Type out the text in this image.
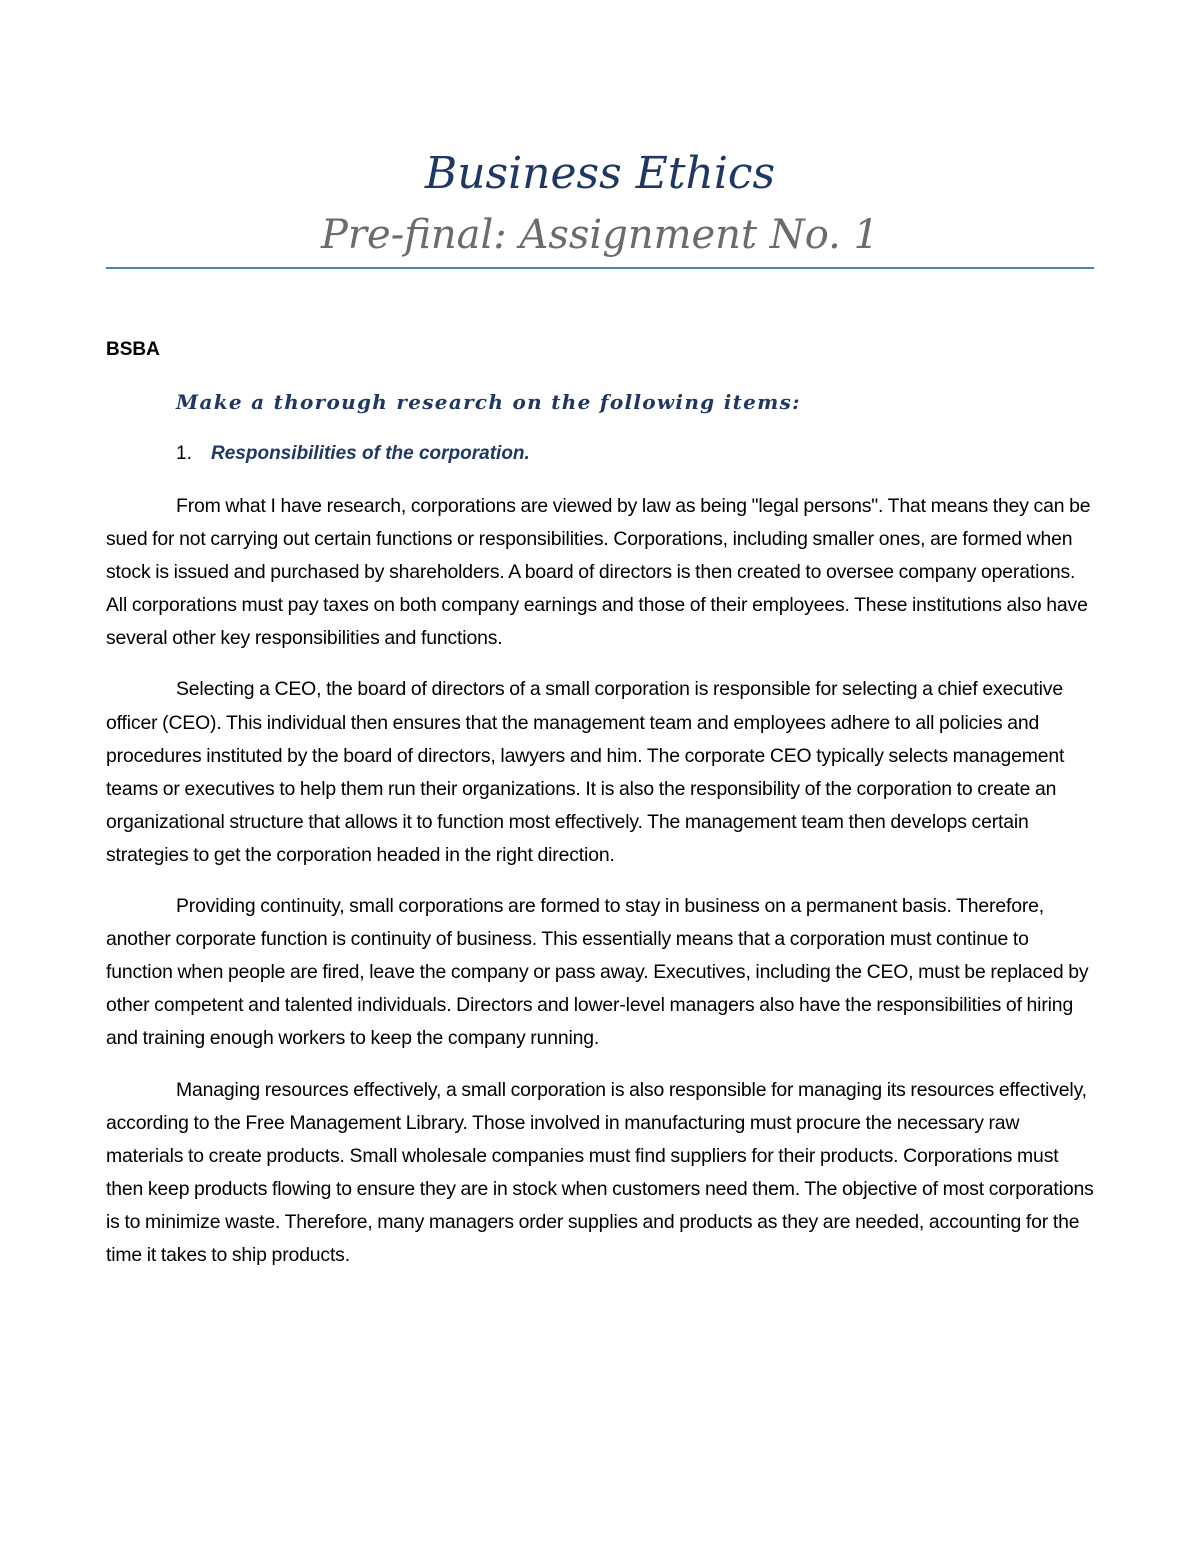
Business Ethics
Pre-final: Assignment No. 1

BSBA

Make a thorough research on the following items:

1.	Responsibilities of the corporation.

From what I have research, corporations are viewed by law as being "legal persons". That means they can be sued for not carrying out certain functions or responsibilities. Corporations, including smaller ones, are formed when stock is issued and purchased by shareholders. A board of directors is then created to oversee company operations. All corporations must pay taxes on both company earnings and those of their employees. These institutions also have several other key responsibilities and functions.

Selecting a CEO, the board of directors of a small corporation is responsible for selecting a chief executive officer (CEO). This individual then ensures that the management team and employees adhere to all policies and procedures instituted by the board of directors, lawyers and him. The corporate CEO typically selects management teams or executives to help them run their organizations. It is also the responsibility of the corporation to create an organizational structure that allows it to function most effectively. The management team then develops certain strategies to get the corporation headed in the right direction.

Providing continuity, small corporations are formed to stay in business on a permanent basis. Therefore, another corporate function is continuity of business. This essentially means that a corporation must continue to function when people are fired, leave the company or pass away. Executives, including the CEO, must be replaced by other competent and talented individuals. Directors and lower-level managers also have the responsibilities of hiring and training enough workers to keep the company running.

Managing resources effectively, a small corporation is also responsible for managing its resources effectively, according to the Free Management Library. Those involved in manufacturing must procure the necessary raw materials to create products. Small wholesale companies must find suppliers for their products. Corporations must then keep products flowing to ensure they are in stock when customers need them. The objective of most corporations is to minimize waste. Therefore, many managers order supplies and products as they are needed, accounting for the time it takes to ship products.
